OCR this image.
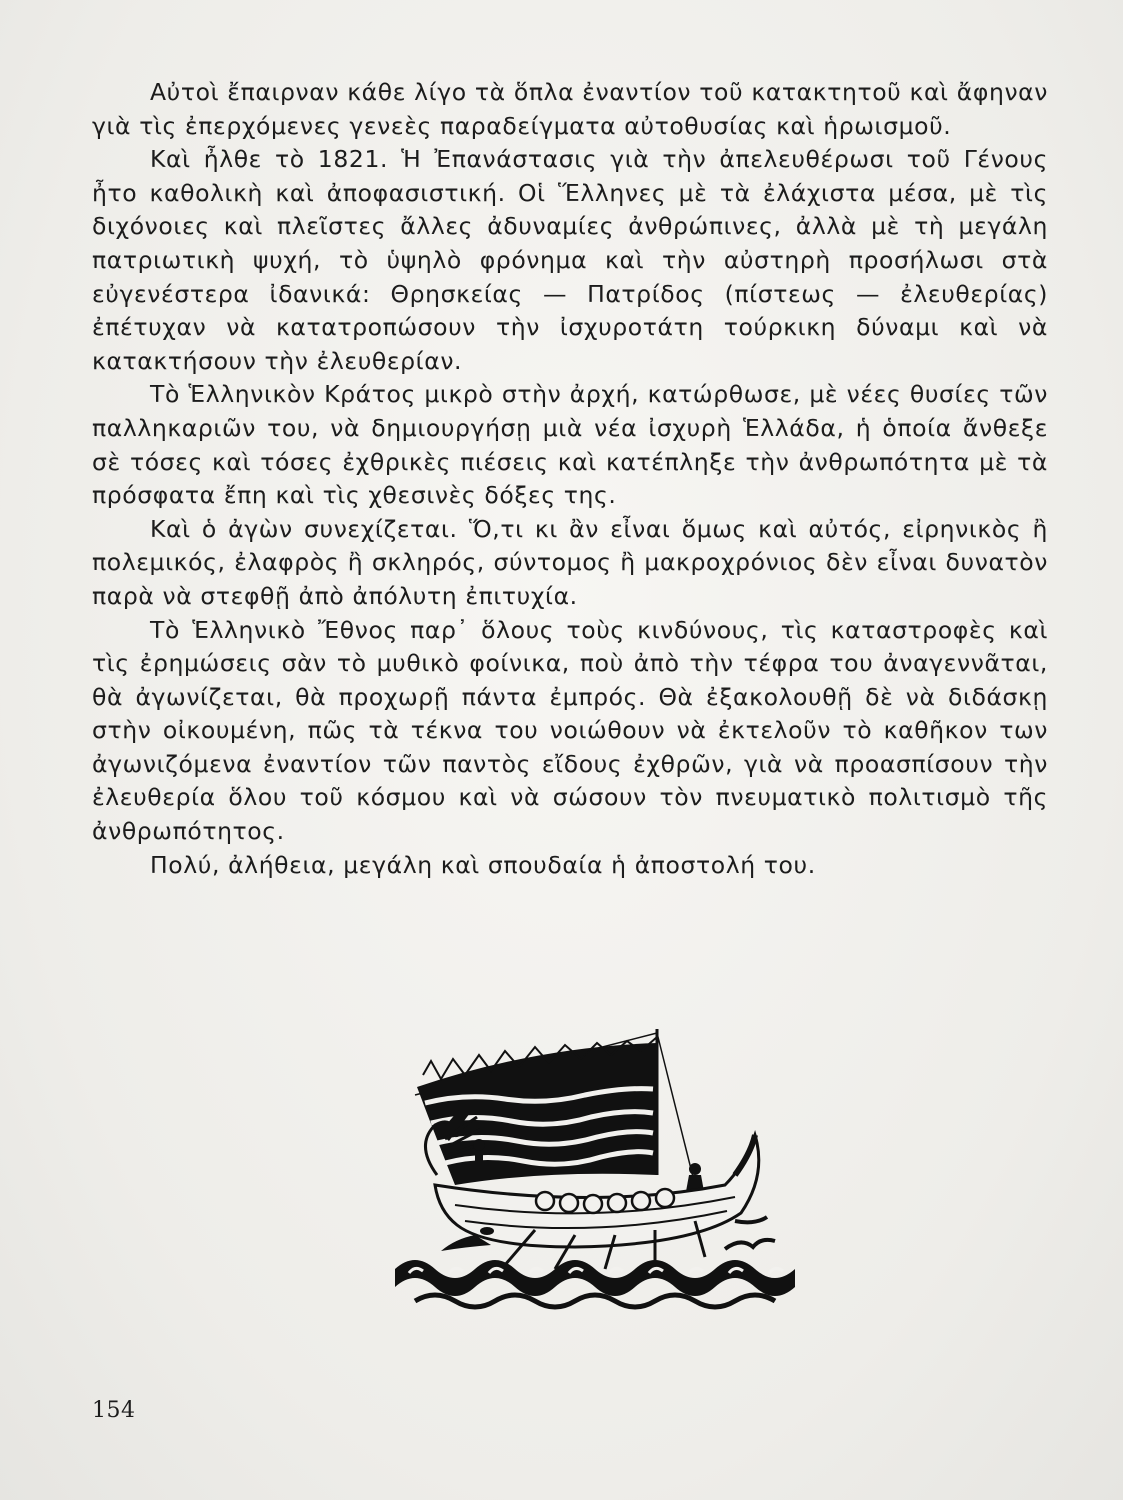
Αὐτοὶ ἔπαιρναν κάθε λίγο τὰ ὅπλα ἐναντίον τοῦ κατακτητοῦ καὶ ἄφηναν γιὰ τὶς ἐπερχόμενες γενεὲς παραδείγματα αὐτοθυσίας καὶ ἡρωισμοῦ.

Καὶ ἦλθε τὸ 1821. Ἡ Ἐπανάστασις γιὰ τὴν ἀπελευθέρωσι τοῦ Γένους ἦτο καθολικὴ καὶ ἀποφασιστική. Οἱ Ἕλληνες μὲ τὰ ἐλάχιστα μέσα, μὲ τὶς διχόνοιες καὶ πλεῖστες ἄλλες ἀδυναμίες ἀνθρώπινες, ἀλλὰ μὲ τὴ μεγάλη πατριωτικὴ ψυχή, τὸ ὑψηλὸ φρόνημα καὶ τὴν αὐστηρὴ προσήλωσι στὰ εὐγενέστερα ἰδανικά: Θρησκείας — Πατρίδος (πίστεως — ἐλευθερίας) ἐπέτυχαν νὰ κατατροπώσουν τὴν ἰσχυροτάτη τούρκικη δύναμι καὶ νὰ κατακτήσουν τὴν ἐλευθερίαν.

Τὸ Ἑλληνικὸν Κράτος μικρὸ στὴν ἀρχή, κατώρθωσε, μὲ νέες θυσίες τῶν παλληκαριῶν του, νὰ δημιουργήσῃ μιὰ νέα ἰσχυρὴ Ἑλλάδα, ἡ ὁποία ἄνθεξε σὲ τόσες καὶ τόσες ἐχθρικὲς πιέσεις καὶ κατέπληξε τὴν ἀνθρωπότητα μὲ τὰ πρόσφατα ἔπη καὶ τὶς χθεσινὲς δόξες της.

Καὶ ὁ ἀγὼν συνεχίζεται. Ὅ,τι κι ἂν εἶναι ὅμως καὶ αὐτός, εἰρηνικὸς ἢ πολεμικός, ἐλαφρὸς ἢ σκληρός, σύντομος ἢ μακροχρόνιος δὲν εἶναι δυνατὸν παρὰ νὰ στεφθῇ ἀπὸ ἀπόλυτη ἐπιτυχία.

Τὸ Ἑλληνικὸ Ἔθνος παρ᾽ ὅλους τοὺς κινδύνους, τὶς καταστροφὲς καὶ τὶς ἐρημώσεις σὰν τὸ μυθικὸ φοίνικα, ποὺ ἀπὸ τὴν τέφρα του ἀναγεννᾶται, θὰ ἀγωνίζεται, θὰ προχωρῇ πάντα ἐμπρός. Θὰ ἐξακολουθῇ δὲ νὰ διδάσκῃ στὴν οἰκουμένη, πῶς τὰ τέκνα του νοιώθουν νὰ ἐκτελοῦν τὸ καθῆκον των ἀγωνιζόμενα ἐναντίον τῶν παντὸς εἴδους ἐχθρῶν, γιὰ νὰ προασπίσουν τὴν ἐλευθερία ὅλου τοῦ κόσμου καὶ νὰ σώσουν τὸν πνευματικὸ πολιτισμὸ τῆς ἀνθρωπότητος.

Πολύ, ἀλήθεια, μεγάλη καὶ σπουδαία ἡ ἀποστολή του.

154
